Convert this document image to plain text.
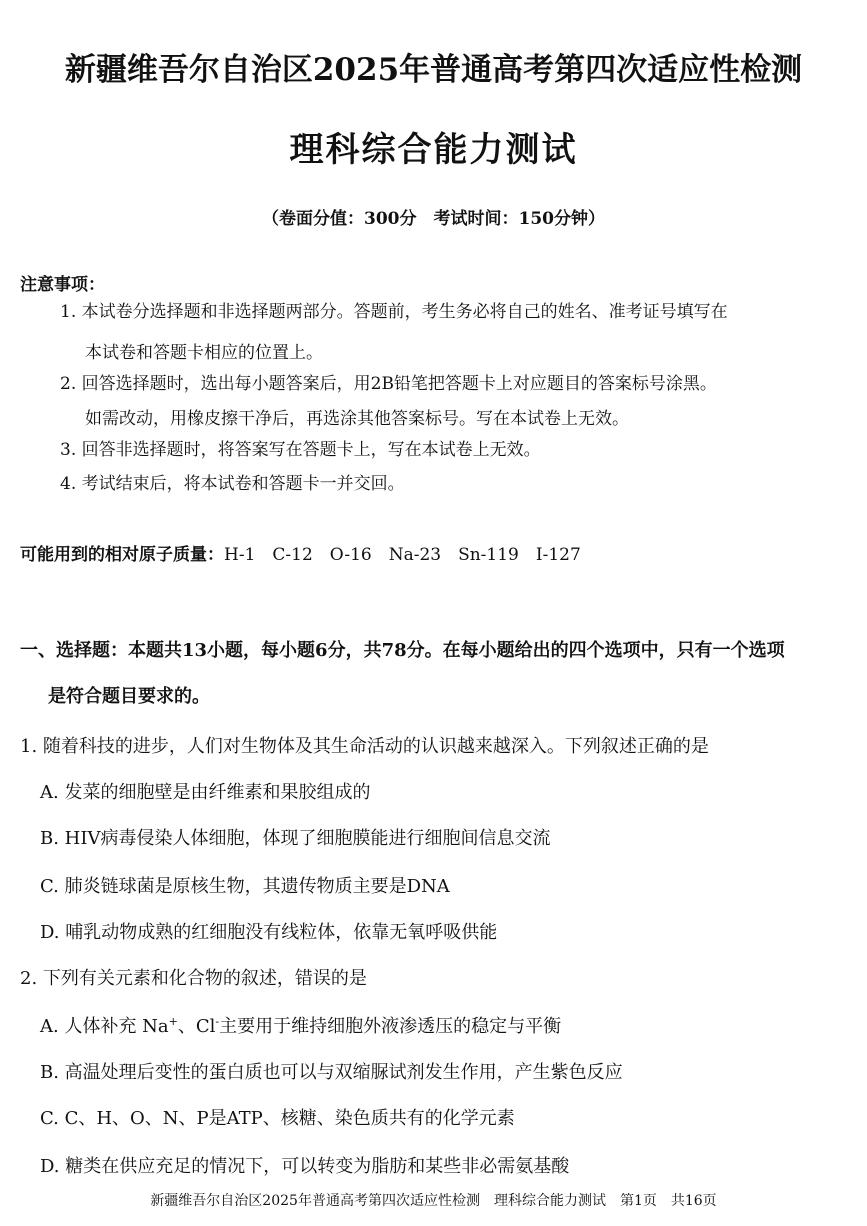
新疆维吾尔自治区2025年普通高考第四次适应性检测
理科综合能力测试
（卷面分值：300分　考试时间：150分钟）
注意事项：
1. 本试卷分选择题和非选择题两部分。答题前，考生务必将自己的姓名、准考证号填写在
本试卷和答题卡相应的位置上。
2. 回答选择题时，选出每小题答案后，用2B铅笔把答题卡上对应题目的答案标号涂黑。
如需改动，用橡皮擦干净后，再选涂其他答案标号。写在本试卷上无效。
3. 回答非选择题时，将答案写在答题卡上，写在本试卷上无效。
4. 考试结束后，将本试卷和答题卡一并交回。
可能用到的相对原子质量：H-1　C-12　O-16　Na-23　Sn-119　I-127
一、选择题：本题共13小题，每小题6分，共78分。在每小题给出的四个选项中，只有一个选项
是符合题目要求的。
1. 随着科技的进步，人们对生物体及其生命活动的认识越来越深入。下列叙述正确的是
A. 发菜的细胞壁是由纤维素和果胶组成的
B. HIV病毒侵染人体细胞，体现了细胞膜能进行细胞间信息交流
C. 肺炎链球菌是原核生物，其遗传物质主要是DNA
D. 哺乳动物成熟的红细胞没有线粒体，依靠无氧呼吸供能
2. 下列有关元素和化合物的叙述，错误的是
A. 人体补充 Na+、Cl-主要用于维持细胞外液渗透压的稳定与平衡
B. 高温处理后变性的蛋白质也可以与双缩脲试剂发生作用，产生紫色反应
C. C、H、O、N、P是ATP、核糖、染色质共有的化学元素
D. 糖类在供应充足的情况下，可以转变为脂肪和某些非必需氨基酸
新疆维吾尔自治区2025年普通高考第四次适应性检测　理科综合能力测试　第1页　共16页
